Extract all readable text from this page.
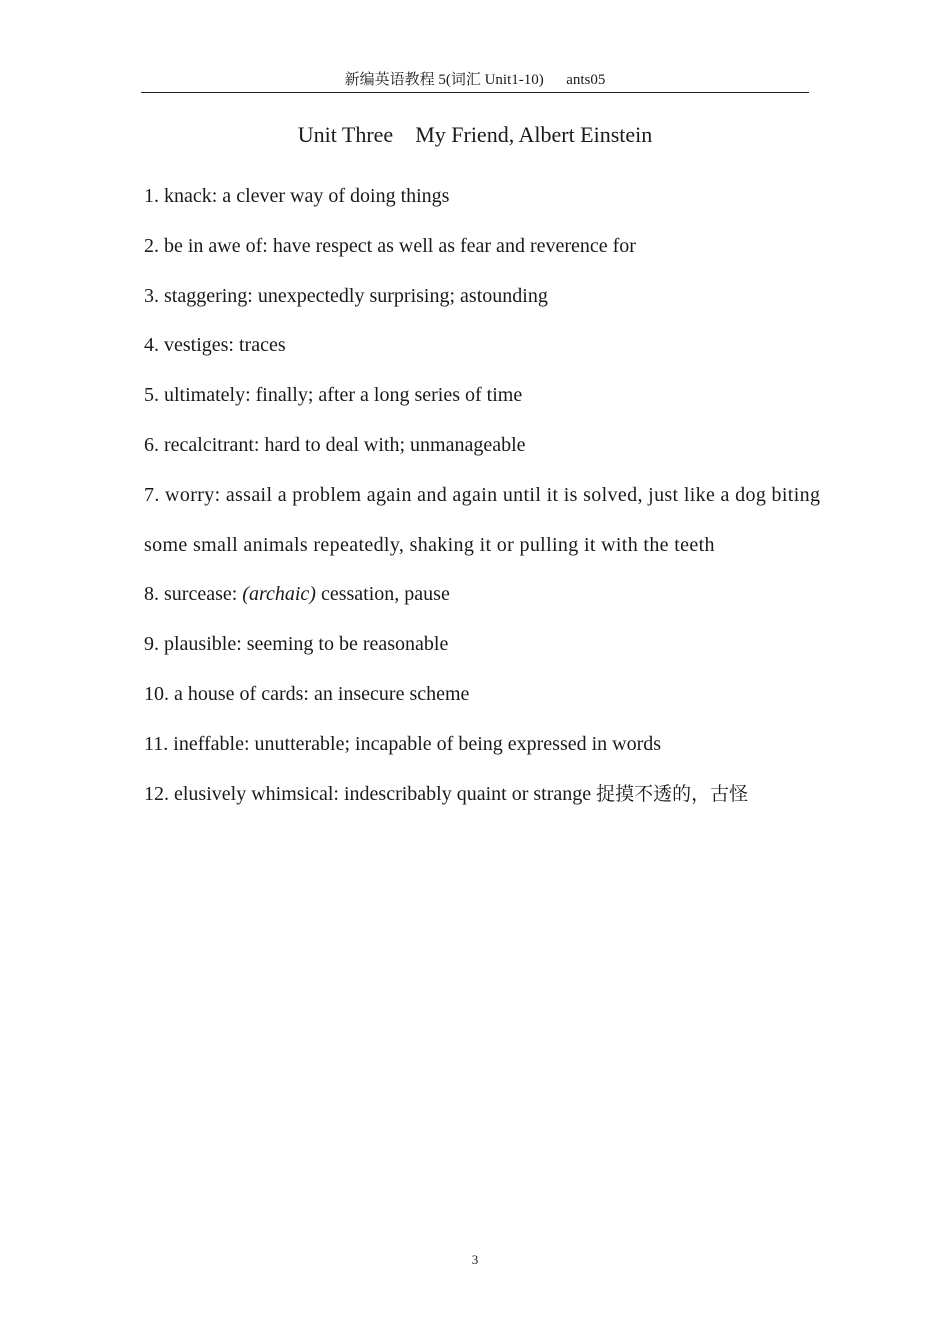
新编英语教程 5(词汇 Unit1-10)      ants05
Unit Three    My Friend, Albert Einstein
1. knack: a clever way of doing things
2. be in awe of: have respect as well as fear and reverence for
3. staggering: unexpectedly surprising; astounding
4. vestiges: traces
5. ultimately: finally; after a long series of time
6. recalcitrant: hard to deal with; unmanageable
7. worry: assail a problem again and again until it is solved, just like a dog biting some small animals repeatedly, shaking it or pulling it with the teeth
8. surcease: (archaic) cessation, pause
9. plausible: seeming to be reasonable
10. a house of cards: an insecure scheme
11. ineffable: unutterable; incapable of being expressed in words
12. elusively whimsical: indescribably quaint or strange 捉摸不透的，古怪
3
